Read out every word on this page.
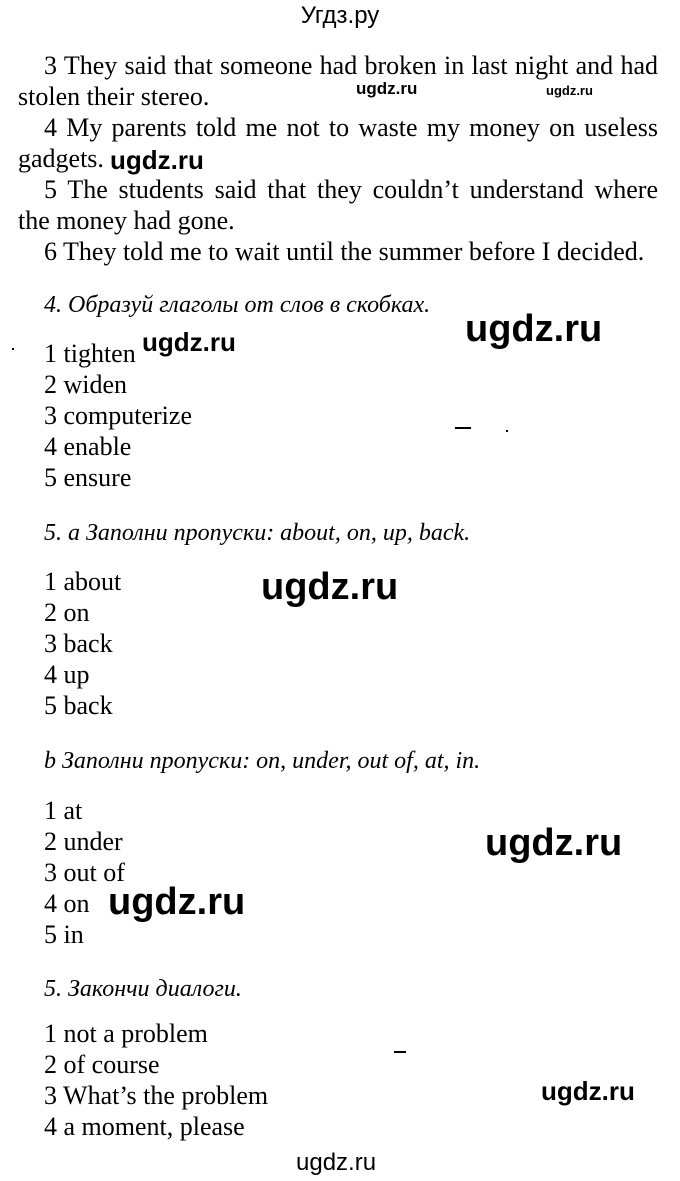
Угдз.ру
3 They said that someone had broken in last night and had stolen their stereo.
4 My parents told me not to waste my money on useless gadgets.
5 The students said that they couldn’t understand where the money had gone.
6 They told me to wait until the summer before I decided.
4. Образуй глаголы от слов в скобках.
1 tighten
2 widen
3 computerize
4 enable
5 ensure
5. a Заполни пропуски: about, on, up, back.
1 about
2 on
3 back
4 up
5 back
b Заполни пропуски: on, under, out of, at, in.
1 at
2 under
3 out of
4 on
5 in
5. Закончи диалоги.
1 not a problem
2 of course
3 What’s the problem
4 a moment, please
ugdz.ru	ugdz.ru
ugdz.ru
ugdz.ru
ugdz.ru
ugdz.ru
ugdz.ru
ugdz.ru
ugdz.ru
ugdz.ru
